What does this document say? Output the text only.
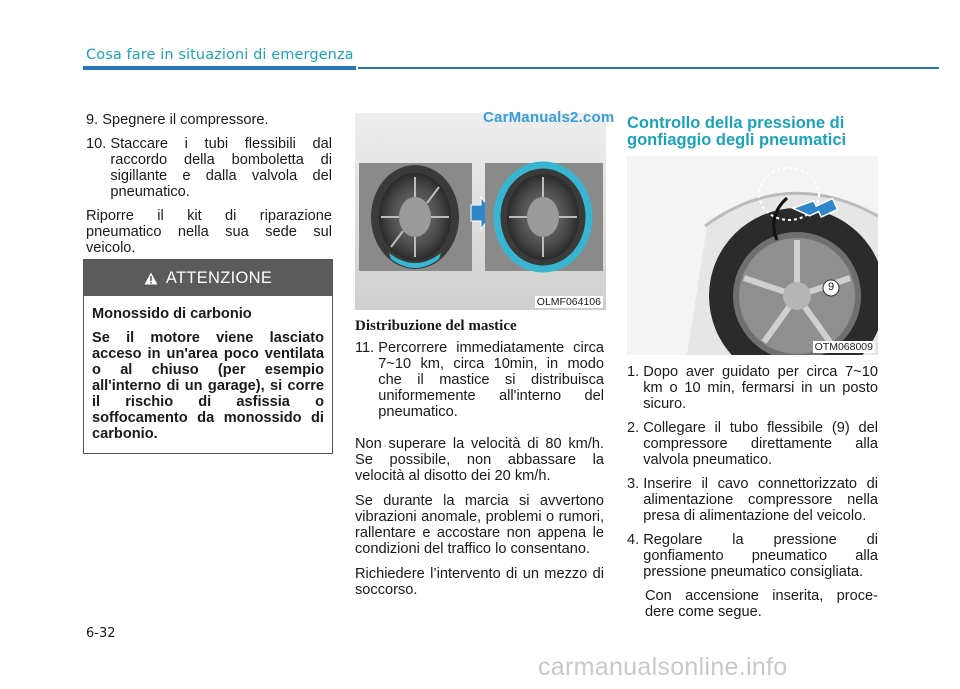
Cosa fare in situazioni di emergenza
9. Spegnere il compressore.
10. Staccare i tubi flessibili dal raccordo della bomboletta di sigillante e dalla valvola del pneumatico.

Riporre il kit di riparazione pneumatico nella sua sede sul veicolo.

ATTENZIONE

Monossido di carbonio

Se il motore viene lasciato acceso in un'area poco ventilata o al chiuso (per esempio all'interno di un garage), si corre il rischio di asfissia o soffocamento da monossido di carbonio.

OLMF064106
CarManuals2.com
Distribuzione del mastice
11. Percorrere immediatamente circa 7~10 km, circa 10min, in modo che il mastice si distribuisca uniformemente all'interno del pneumatico.

Non superare la velocità di 80 km/h. Se possibile, non abbassare la velocità al disotto dei 20 km/h.

Se durante la marcia si avvertono vibrazioni anomale, problemi o rumori, rallentare e accostare non appena le condizioni del traffico lo consentano.

Richiedere l’intervento di un mezzo di soccorso.

Controllo della pressione di gonfiaggio degli pneumatici
9
OTM068009
1. Dopo aver guidato per circa 7~10 km o 10 min, fermarsi in un posto sicuro.
2. Collegare il tubo flessibile (9) del compressore direttamente alla valvola pneumatico.
3. Inserire il cavo connettorizzato di alimentazione compressore nella presa di alimentazione del veicolo.
4. Regolare la pressione di gonfiamento pneumatico alla pressione pneumatico consigliata.

Con accensione inserita, proce-dere come segue.

6-32
carmanualsonline.info
